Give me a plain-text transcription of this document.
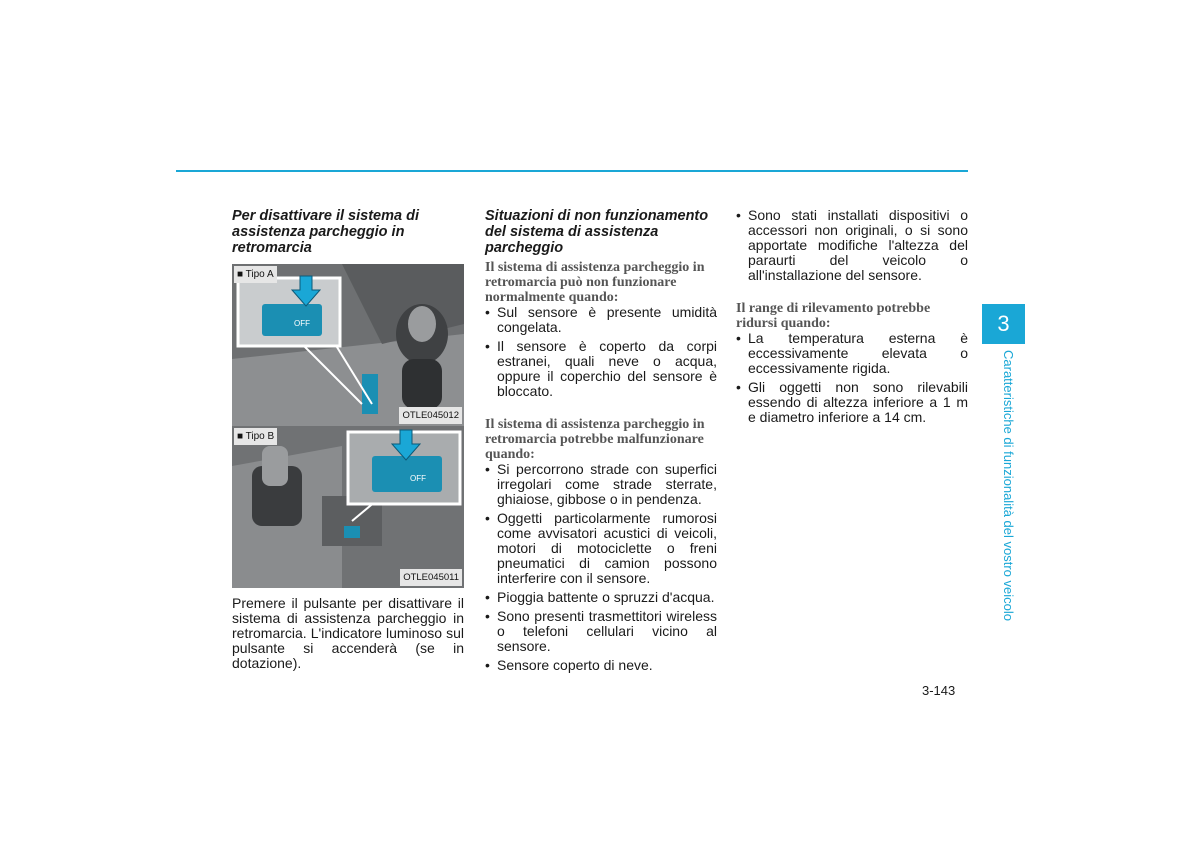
Per disattivare il sistema di assistenza parcheggio in retromarcia

■ Tipo A
OFF
OTLE045012
■ Tipo B
OFF
OTLE045011

Premere il pulsante per disattivare il sistema di assistenza parcheggio in retromarcia. L'indicatore luminoso sul pulsante si accenderà (se in dotazione).

Situazioni di non funzionamento del sistema di assistenza parcheggio

Il sistema di assistenza parcheggio in retromarcia può non funzionare normalmente quando:

• Sul sensore è presente umidità congelata.
• Il sensore è coperto da corpi estranei, quali neve o acqua, oppure il coperchio del sensore è bloccato.

Il sistema di assistenza parcheggio in retromarcia potrebbe malfunzionare quando:

• Si percorrono strade con superfici irregolari come strade sterrate, ghiaiose, gibbose o in pendenza.
• Oggetti particolarmente rumorosi come avvisatori acustici di veicoli, motori di motociclette o freni pneumatici di camion possono interferire con il sensore.
• Pioggia battente o spruzzi d'acqua.
• Sono presenti trasmettitori wireless o telefoni cellulari vicino al sensore.
• Sensore coperto di neve.
• Sono stati installati dispositivi o accessori non originali, o si sono apportate modifiche l'altezza del paraurti del veicolo o all'installazione del sensore.

Il range di rilevamento potrebbe ridursi quando:

• La temperatura esterna è eccessivamente elevata o eccessivamente rigida.
• Gli oggetti non sono rilevabili essendo di altezza inferiore a 1 m e diametro inferiore a 14 cm.
3
Caratteristiche di funzionalità del vostro veicolo
3-143
